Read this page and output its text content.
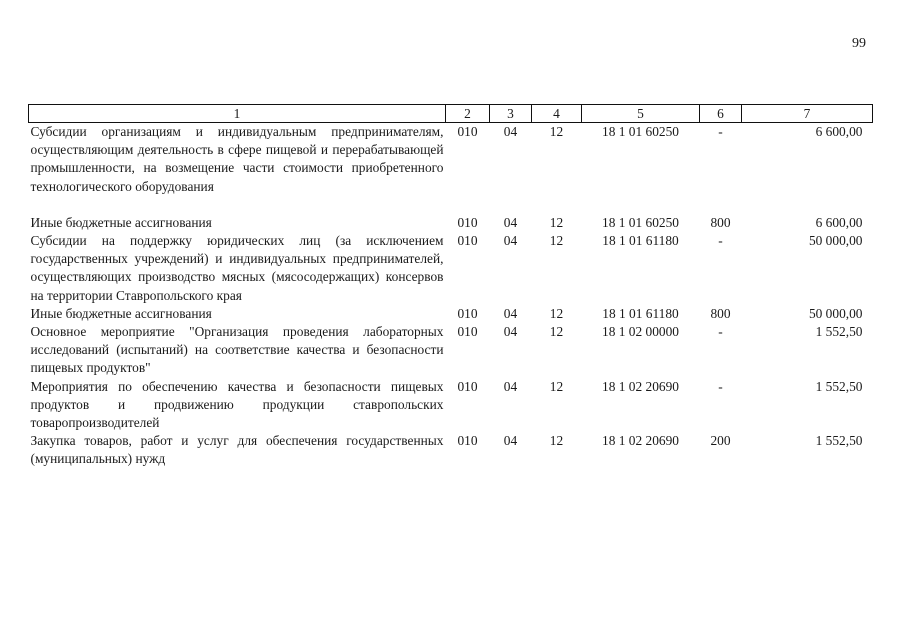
99
1	2	3	4	5	6	7
Субсидии организациям и индивидуальным предпринимателям, осуществляющим деятельность в сфере пищевой и перерабатывающей промышленности, на возмещение части стоимости приобретенного технологического оборудования	010	04	12	18 1 01 60250	-	6 600,00
Иные бюджетные ассигнования	010	04	12	18 1 01 60250	800	6 600,00
Субсидии на поддержку юридических лиц (за исключением государственных учреждений) и индивидуальных предпринимателей, осуществляющих производство мясных (мясосодержащих) консервов на территории Ставропольского края	010	04	12	18 1 01 61180	-	50 000,00
Иные бюджетные ассигнования	010	04	12	18 1 01 61180	800	50 000,00
Основное мероприятие "Организация проведения лабораторных исследований (испытаний) на соответствие качества и безопасности пищевых продуктов"	010	04	12	18 1 02 00000	-	1 552,50
Мероприятия по обеспечению качества и безопасности пищевых продуктов и продвижению продукции ставропольских товаропроизводителей	010	04	12	18 1 02 20690	-	1 552,50
Закупка товаров, работ и услуг для обеспечения государственных (муниципальных) нужд	010	04	12	18 1 02 20690	200	1 552,50
